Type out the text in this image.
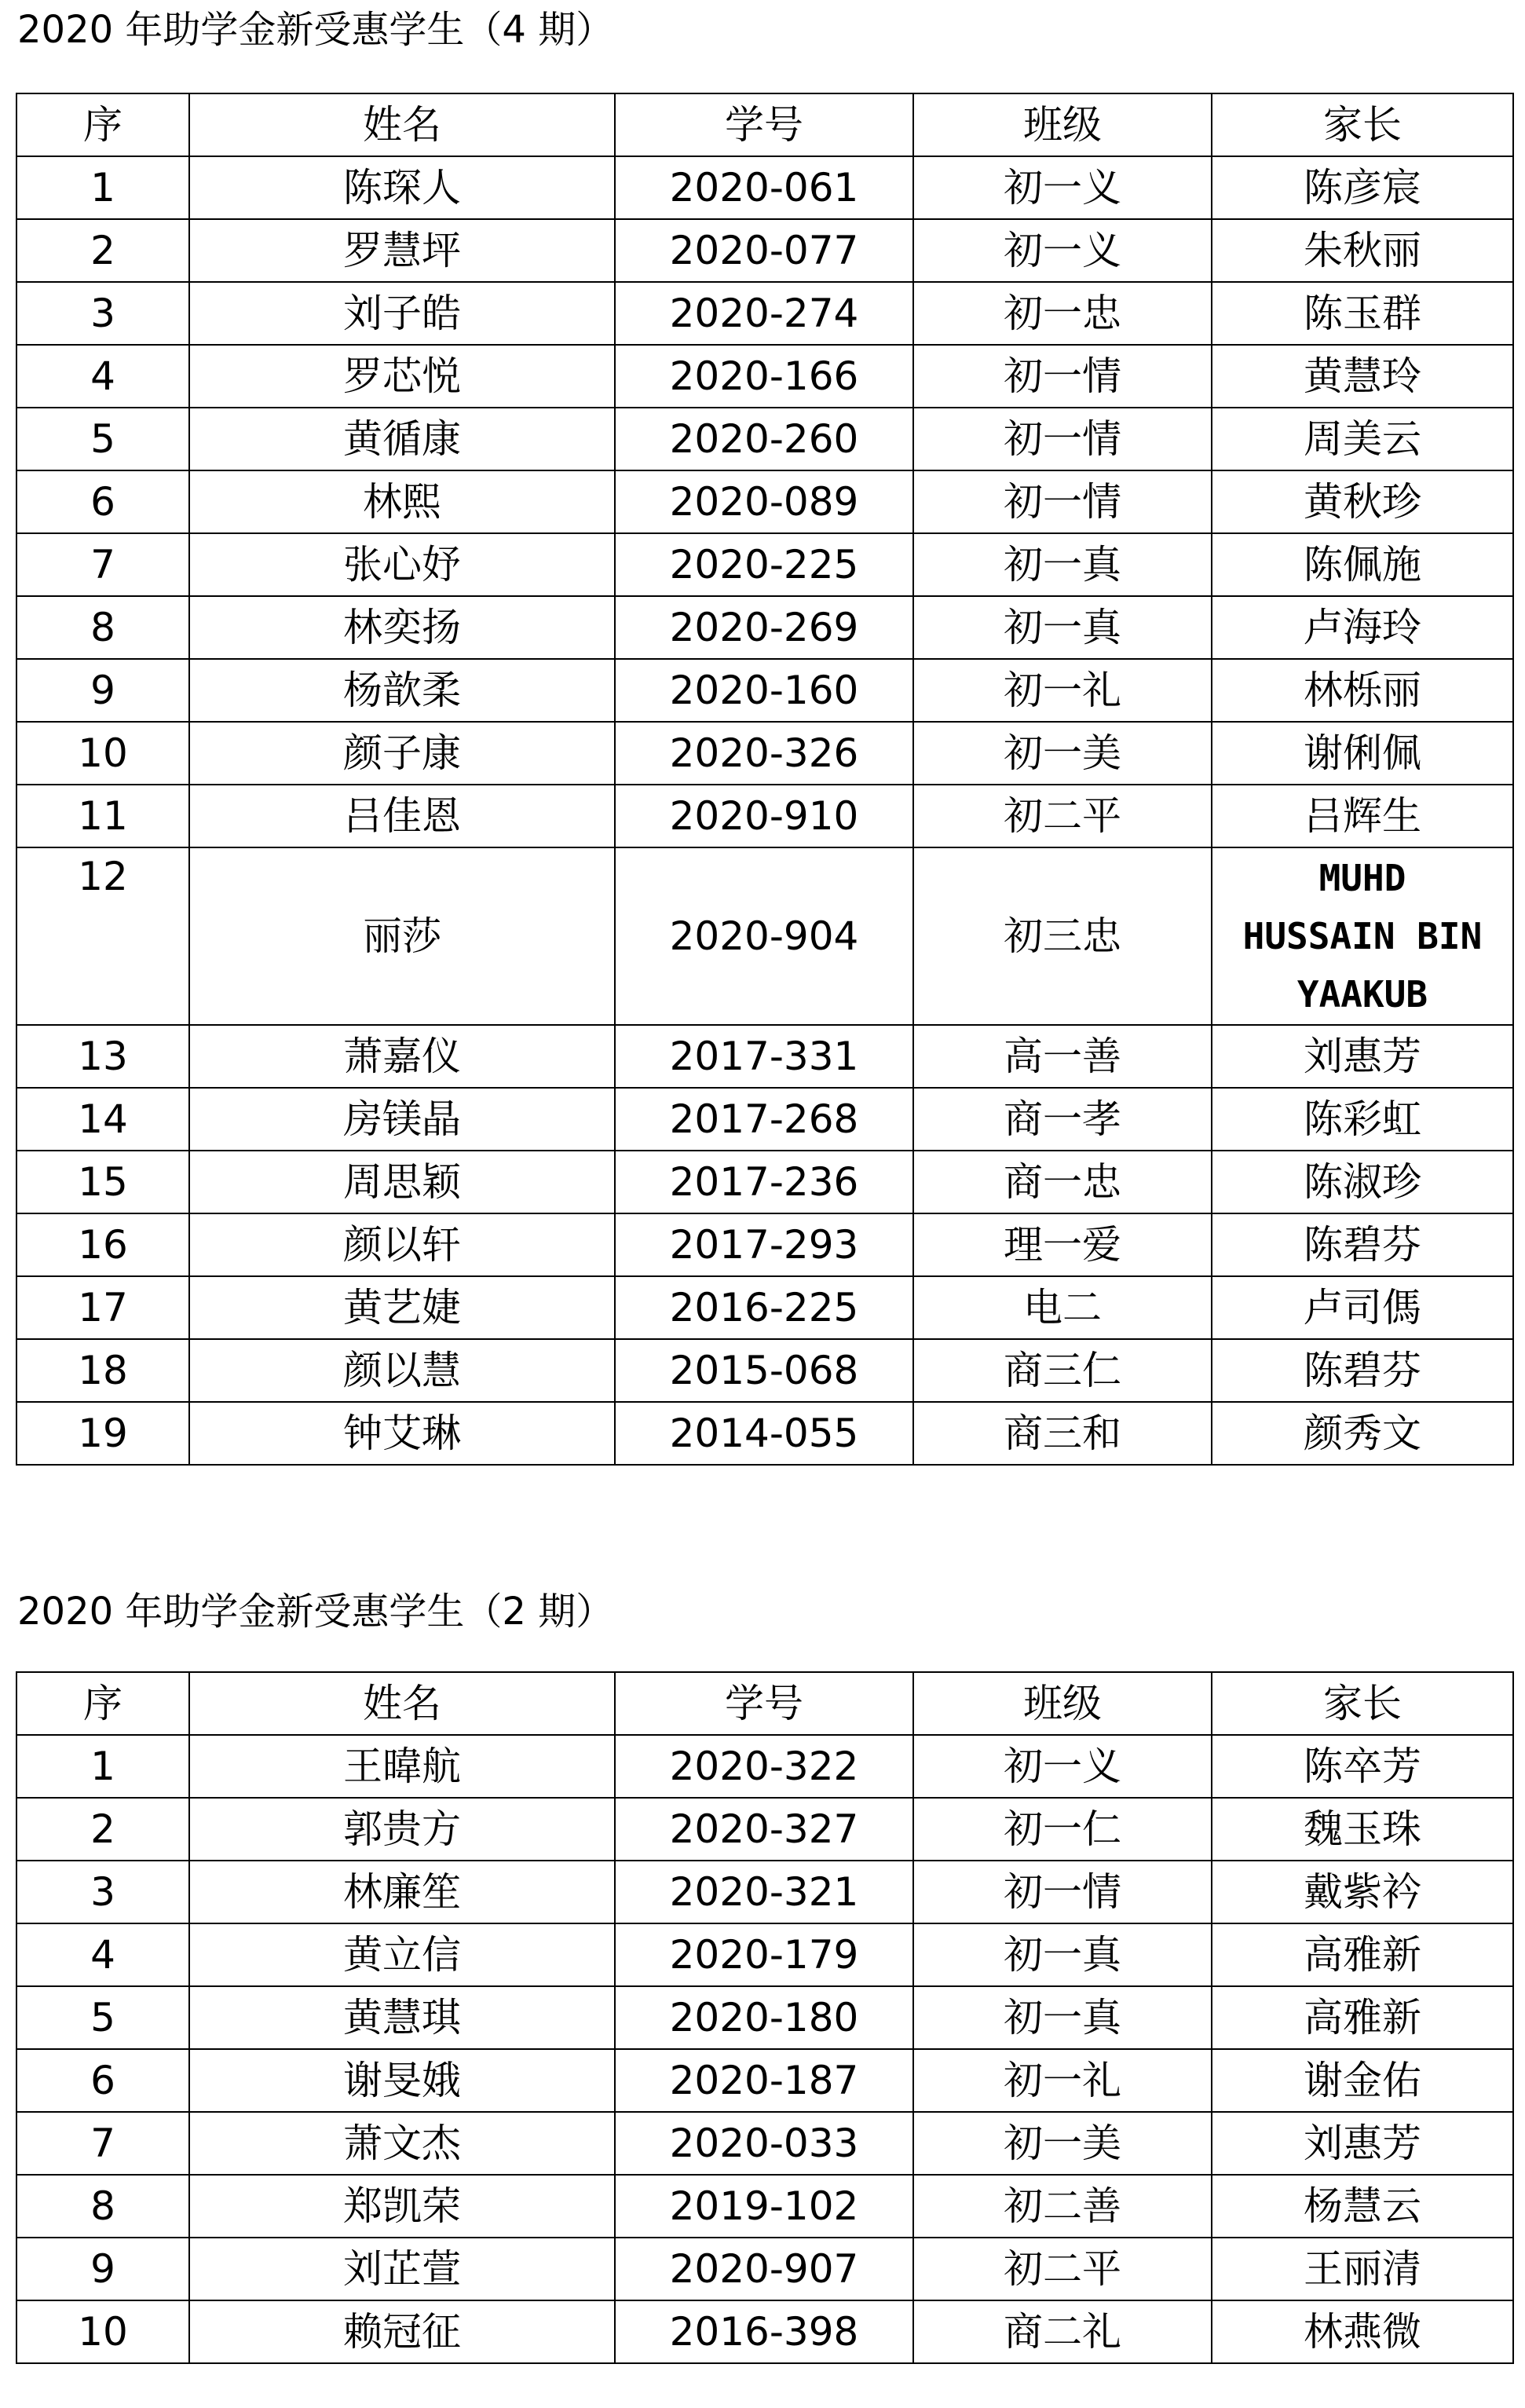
2020 年助学金新受惠学生（4 期）
序	姓名	学号	班级	家长
1	陈琛人	2020-061	初一义	陈彦宸
2	罗慧坪	2020-077	初一义	朱秋丽
3	刘子皓	2020-274	初一忠	陈玉群
4	罗芯悦	2020-166	初一情	黄慧玲
5	黄循康	2020-260	初一情	周美云
6	林熙	2020-089	初一情	黄秋珍
7	张心妤	2020-225	初一真	陈佩施
8	林奕扬	2020-269	初一真	卢海玲
9	杨歆柔	2020-160	初一礼	林栎丽
10	颜子康	2020-326	初一美	谢俐佩
11	吕佳恩	2020-910	初二平	吕辉生
12	丽莎	2020-904	初三忠	MUHD
HUSSAIN BIN
YAAKUB

13	萧嘉仪	2017-331	高一善	刘惠芳
14	房镁晶	2017-268	商一孝	陈彩虹
15	周思颖	2017-236	商一忠	陈淑珍
16	颜以轩	2017-293	理一爱	陈碧芬
17	黄艺婕	2016-225	电二	卢司傌
18	颜以慧	2015-068	商三仁	陈碧芬
19	钟艾琳	2014-055	商三和	颜秀文
2020 年助学金新受惠学生（2 期）
序	姓名	学号	班级	家长
1	王暐航	2020-322	初一义	陈卒芳
2	郭贵方	2020-327	初一仁	魏玉珠
3	林廉笙	2020-321	初一情	戴紫衿
4	黄立信	2020-179	初一真	高雅新
5	黄慧琪	2020-180	初一真	高雅新
6	谢旻娥	2020-187	初一礼	谢金佑
7	萧文杰	2020-033	初一美	刘惠芳
8	郑凯荣	2019-102	初二善	杨慧云
9	刘芷萱	2020-907	初二平	王丽清
10	赖冠征	2016-398	商二礼	林燕微
